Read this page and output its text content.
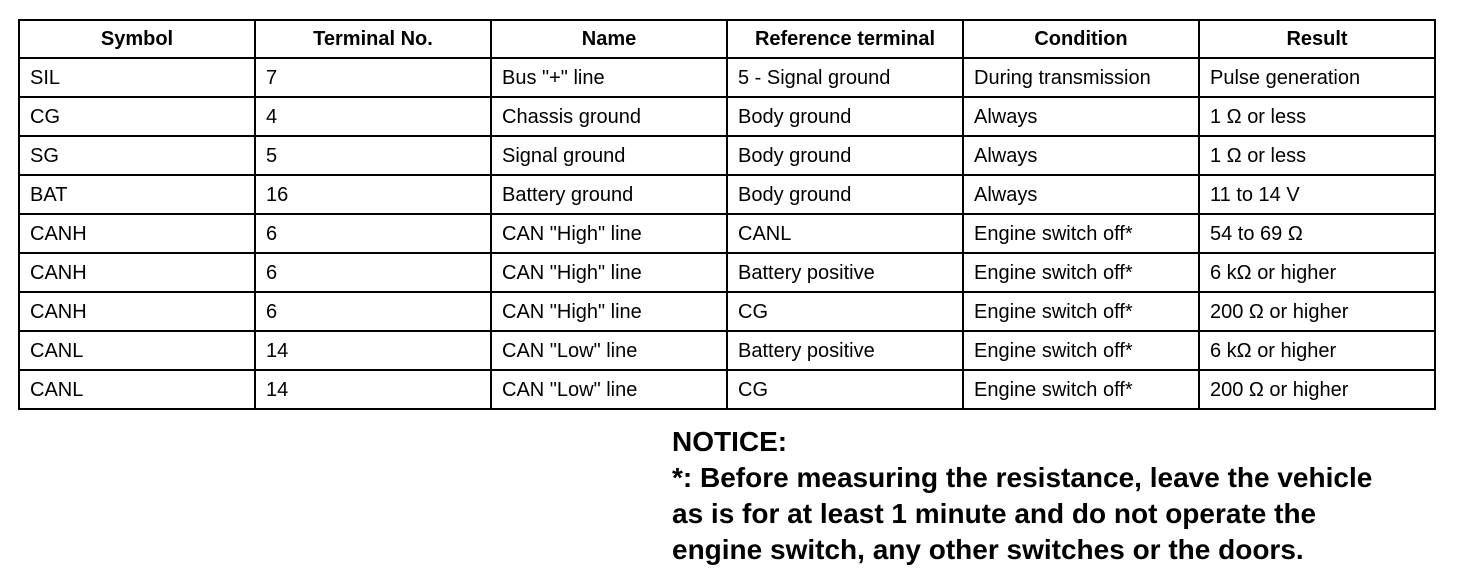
Symbol	Terminal No.	Name	Reference terminal	Condition	Result
SIL	7	Bus "+" line	5 - Signal ground	During transmission	Pulse generation
CG	4	Chassis ground	Body ground	Always	1 Ω or less
SG	5	Signal ground	Body ground	Always	1 Ω or less
BAT	16	Battery ground	Body ground	Always	11 to 14 V
CANH	6	CAN "High" line	CANL	Engine switch off*	54 to 69 Ω
CANH	6	CAN "High" line	Battery positive	Engine switch off*	6 kΩ or higher
CANH	6	CAN "High" line	CG	Engine switch off*	200 Ω or higher
CANL	14	CAN "Low" line	Battery positive	Engine switch off*	6 kΩ or higher
CANL	14	CAN "Low" line	CG	Engine switch off*	200 Ω or higher

NOTICE:

*: Before measuring the resistance, leave the vehicle

as is for at least 1 minute and do not operate the

engine switch, any other switches or the doors.
